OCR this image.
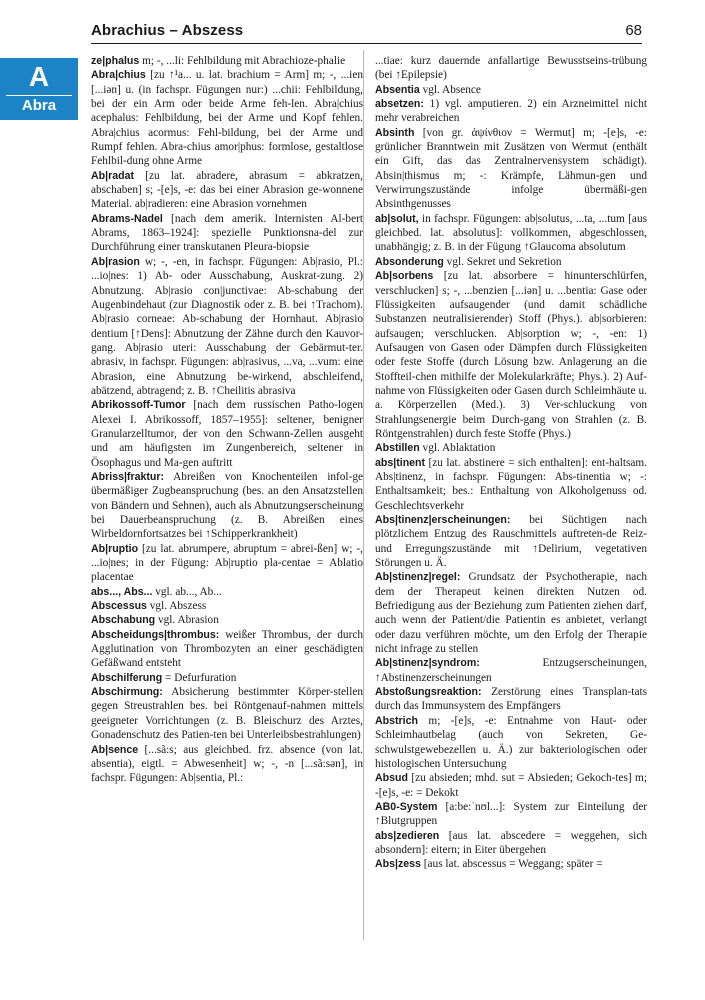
Abrachius – Abszess	68
A
Abra

ze|phalus m; -, ...li: Fehlbildung mit Abrachioze-phalie

Abra|chius [zu ↑¹a... u. lat. brachium = Arm] m; -, ...ien [...iən] u. (in fachspr. Fügungen nur:) ...chii: Fehlbildung, bei der ein Arm oder beide Arme feh-len. Abra|chius acephalus: Fehlbildung, bei der Arme und Kopf fehlen. Abra|chius acormus: Fehl-bildung, bei der Arme und Rumpf fehlen. Abra-chius amor|phus: formlose, gestaltlose Fehlbil-dung ohne Arme

Ab|radat [zu lat. abradere, abrasum = abkratzen, abschaben] s; -[e]s, -e: das bei einer Abrasion ge-wonnene Material. ab|radieren: eine Abrasion vornehmen

Abrams-Nadel [nach dem amerik. Internisten Al-bert Abrams, 1863–1924]: spezielle Punktionsna-del zur Durchführung einer transkutanen Pleura-biopsie

Ab|rasion w; -, -en, in fachspr. Fügungen: Ab|rasio, Pl.: ...io|nes: 1) Ab- oder Ausschabung, Auskrat-zung. 2) Abnutzung. Ab|rasio con|junctivae: Ab-schabung der Augenbindehaut (zur Diagnostik oder z. B. bei ↑Trachom). Ab|rasio corneae: Ab-schabung der Hornhaut. Ab|rasio dentium [↑Dens]: Abnutzung der Zähne durch den Kauvor-gang. Ab|rasio uteri: Ausschabung der Gebärmut-ter. abrasiv, in fachspr. Fügungen: ab|rasivus, ...va, ...vum: eine Abrasion, eine Abnutzung be-wirkend, abschleifend, abätzend, abtragend; z. B. ↑Cheilitis abrasiva

Abrikossoff-Tumor [nach dem russischen Patho-logen Alexei I. Abrikossoff, 1857–1955]: seltener, benigner Granularzelltumor, der von den Schwann-Zellen ausgeht und am häufigsten im Zungenbereich, seltener in Ösophagus und Ma-gen auftritt

Abriss|fraktur: Abreißen von Knochenteilen infol-ge übermäßiger Zugbeanspruchung (bes. an den Ansatzstellen von Bändern und Sehnen), auch als Abnutzungserscheinung bei Dauerbeanspruchung (z. B. Abreißen eines Wirbeldornfortsatzes bei ↑Schipperkrankheit)

Ab|ruptio [zu lat. abrumpere, abruptum = abrei-ßen] w; -, ...io|nes; in der Fügung: Ab|ruptio pla-centae = Ablatio placentae

abs..., Abs... vgl. ab..., Ab...

Abscessus vgl. Abszess

Abschabung vgl. Abrasion

Abscheidungs|thrombus: weißer Thrombus, der durch Agglutination von Thrombozyten an einer geschädigten Gefäßwand entsteht

Abschilferung = Defurfuration

Abschirmung: Absicherung bestimmter Körper-stellen gegen Streustrahlen bes. bei Röntgenauf-nahmen mittels geeigneter Vorrichtungen (z. B. Bleischurz des Arztes, Gonadenschutz des Patien-ten bei Unterleibsbestrahlungen)

Ab|sence [...sã:s; aus gleichbed. frz. absence (von lat. absentia), eigtl. = Abwesenheit] w; -, -n [...sã:sən], in fachspr. Fügungen: Ab|sentia, Pl.:

...tiae: kurz dauernde anfallartige Bewusstseins-trübung (bei ↑Epilepsie)

Absentia vgl. Absence

absetzen: 1) vgl. amputieren. 2) ein Arzneimittel nicht mehr verabreichen

Absinth [von gr. ἀψίνθιον = Wermut] m; -[e]s, -e: grünlicher Branntwein mit Zusätzen von Wermut (enthält ein Gift, das das Zentralnervensystem schädigt). Absin|thismus m; -: Krämpfe, Lähmun-gen und Verwirrungszustände infolge übermäßi-gen Absinthgenusses

ab|solut, in fachspr. Fügungen: ab|solutus, ...ta, ...tum [aus gleichbed. lat. absolutus]: vollkommen, abgeschlossen, unabhängig; z. B. in der Fügung ↑Glaucoma absolutum

Absonderung vgl. Sekret und Sekretion

Ab|sorbens [zu lat. absorbere = hinunterschlürfen, verschlucken] s; -, ...benzien [...iən] u. ...bentia: Gase oder Flüssigkeiten aufsaugender (und damit schädliche Substanzen neutralisierender) Stoff (Phys.). ab|sorbieren: aufsaugen; verschlucken. Ab|sorption w; -, -en: 1) Aufsaugen von Gasen oder Dämpfen durch Flüssigkeiten oder feste Stoffe (durch Lösung bzw. Anlagerung an die Stoffteil-chen mithilfe der Molekularkräfte; Phys.). 2) Auf-nahme von Flüssigkeiten oder Gasen durch Schleimhäute u. a. Körperzellen (Med.). 3) Ver-schluckung von Strahlungsenergie beim Durch-gang von Strahlen (z. B. Röntgenstrahlen) durch feste Stoffe (Phys.)

Abstillen vgl. Ablaktation

abs|tinent [zu lat. abstinere = sich enthalten]: ent-haltsam. Abs|tinenz, in fachspr. Fügungen: Abs-tinentia w; -: Enthaltsamkeit; bes.: Enthaltung von Alkoholgenuss od. Geschlechtsverkehr

Abs|tinenz|erscheinungen: bei Süchtigen nach plötzlichem Entzug des Rauschmittels auftreten-de Reiz- und Erregungszustände mit ↑Delirium, vegetativen Störungen u. Ä.

Ab|stinenz|regel: Grundsatz der Psychotherapie, nach dem der Therapeut keinen direkten Nutzen od. Befriedigung aus der Beziehung zum Patienten ziehen darf, auch wenn der Patient/die Patientin es anbietet, verlangt oder dazu verführen möchte, um den Erfolg der Therapie nicht infrage zu stellen

Ab|stinenz|syndrom: Entzugserscheinungen, ↑Abstinenzerscheinungen

Abstoßungsreaktion: Zerstörung eines Transplan-tats durch das Immunsystem des Empfängers

Abstrich m; -[e]s, -e: Entnahme von Haut- oder Schleimhautbelag (auch von Sekreten, Ge-schwulstgewebezellen u. Ä.) zur bakteriologischen oder histologischen Untersuchung

Absud [zu absieden; mhd. sut = Absieden; Gekoch-tes] m; -[e]s, -e: = Dekokt

AB0-System [a:be:ˈnʊl...]: System zur Einteilung der ↑Blutgruppen

abs|zedieren [aus lat. abscedere = weggehen, sich absondern]: eitern; in Eiter übergehen

Abs|zess [aus lat. abscessus = Weggang; später =
